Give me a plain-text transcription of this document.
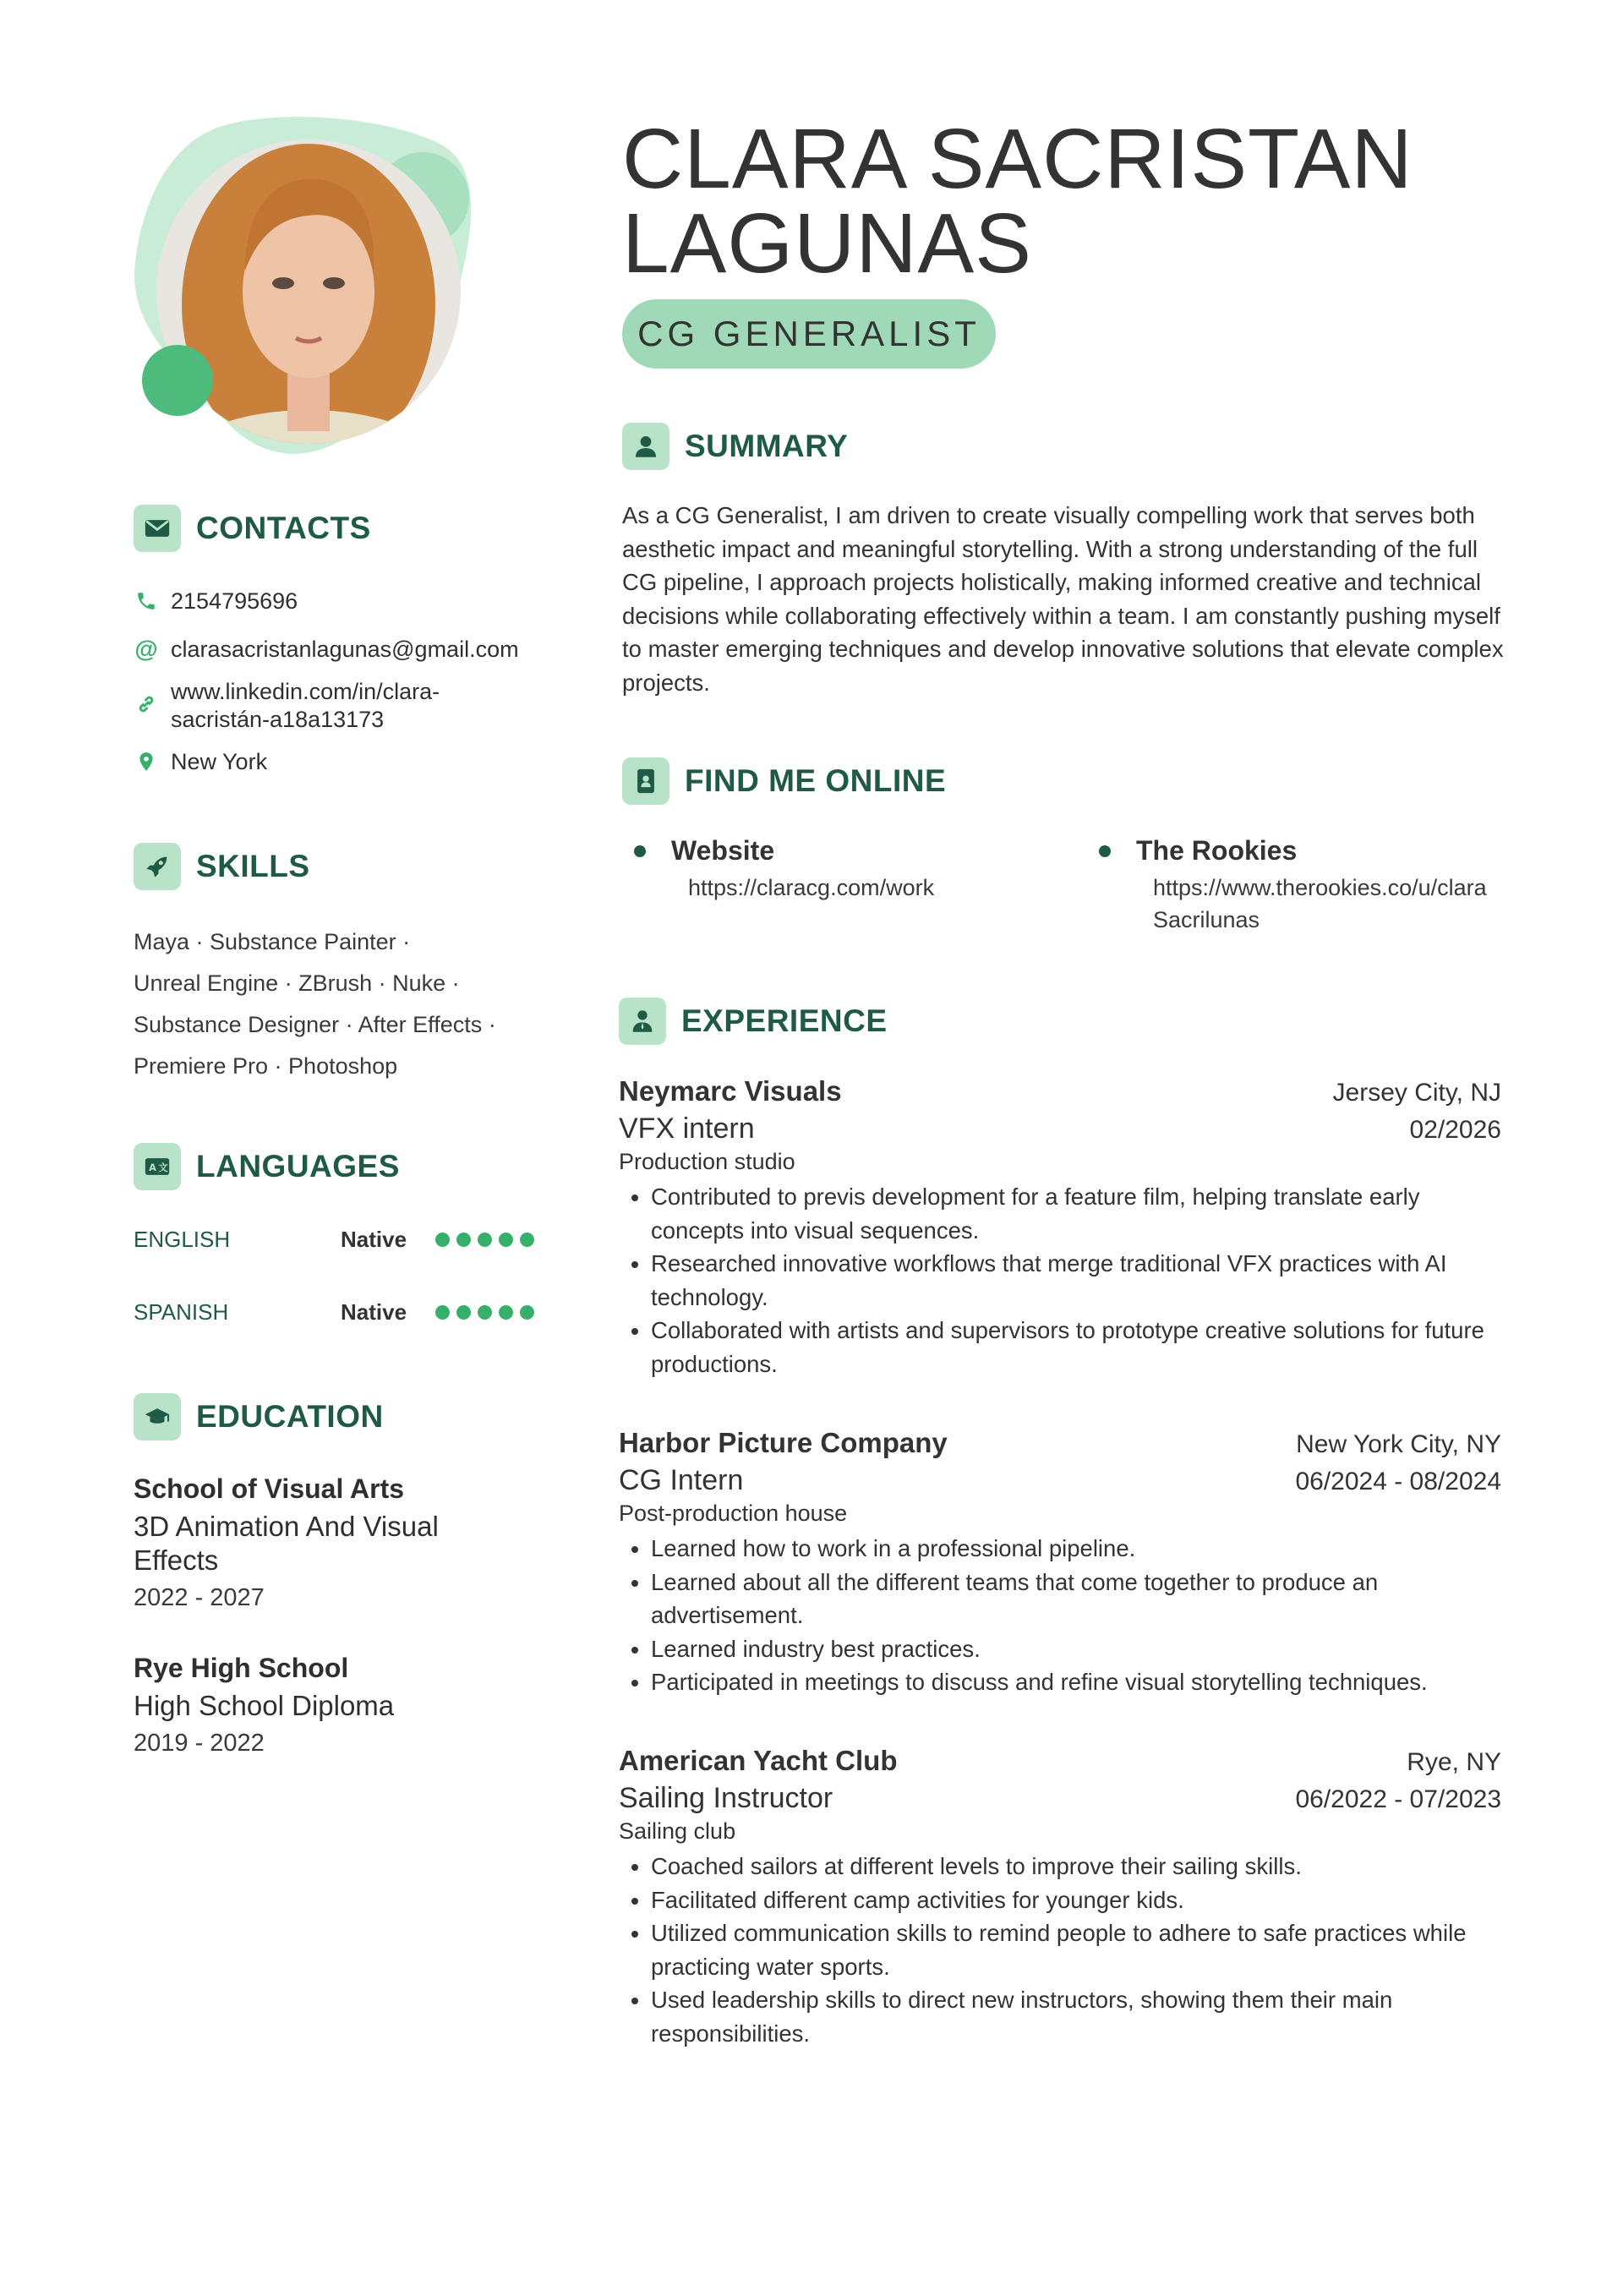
CLARA SACRISTAN
LAGUNAS
CG GENERALIST
CONTACTS
2154795696
@ clarasacristanlagunas@gmail.com
www.linkedin.com/in/clara-
sacristán-a18a13173
New York
SKILLS
Maya · Substance Painter ·
Unreal Engine · ZBrush · Nuke ·
Substance Designer · After Effects ·
Premiere Pro · Photoshop
A 文 LANGUAGES
ENGLISH	Native
SPANISH	Native
EDUCATION
School of Visual Arts
3D Animation And Visual Effects
2022 - 2027
Rye High School
High School Diploma
2019 - 2022
SUMMARY
As a CG Generalist, I am driven to create visually compelling work that serves both aesthetic impact and meaningful storytelling. With a strong understanding of the full CG pipeline, I approach projects holistically, making informed creative and technical decisions while collaborating effectively within a team. I am constantly pushing myself to master emerging techniques and develop innovative solutions that elevate complex projects.
FIND ME ONLINE
Website
https://claracg.com/work
The Rookies
https://www.therookies.co/u/claraSacrilunas
EXPERIENCE
Neymarc Visuals	Jersey City, NJ
VFX intern	02/2026
Production studio
• Contributed to previs development for a feature film, helping translate early concepts into visual sequences.
• Researched innovative workflows that merge traditional VFX practices with AI technology.
• Collaborated with artists and supervisors to prototype creative solutions for future productions.
Harbor Picture Company	New York City, NY
CG Intern	06/2024 - 08/2024
Post-production house
• Learned how to work in a professional pipeline.
• Learned about all the different teams that come together to produce an advertisement.
• Learned industry best practices.
• Participated in meetings to discuss and refine visual storytelling techniques.
American Yacht Club	Rye, NY
Sailing Instructor	06/2022 - 07/2023
Sailing club
• Coached sailors at different levels to improve their sailing skills.
• Facilitated different camp activities for younger kids.
• Utilized communication skills to remind people to adhere to safe practices while practicing water sports.
• Used leadership skills to direct new instructors, showing them their main responsibilities.
